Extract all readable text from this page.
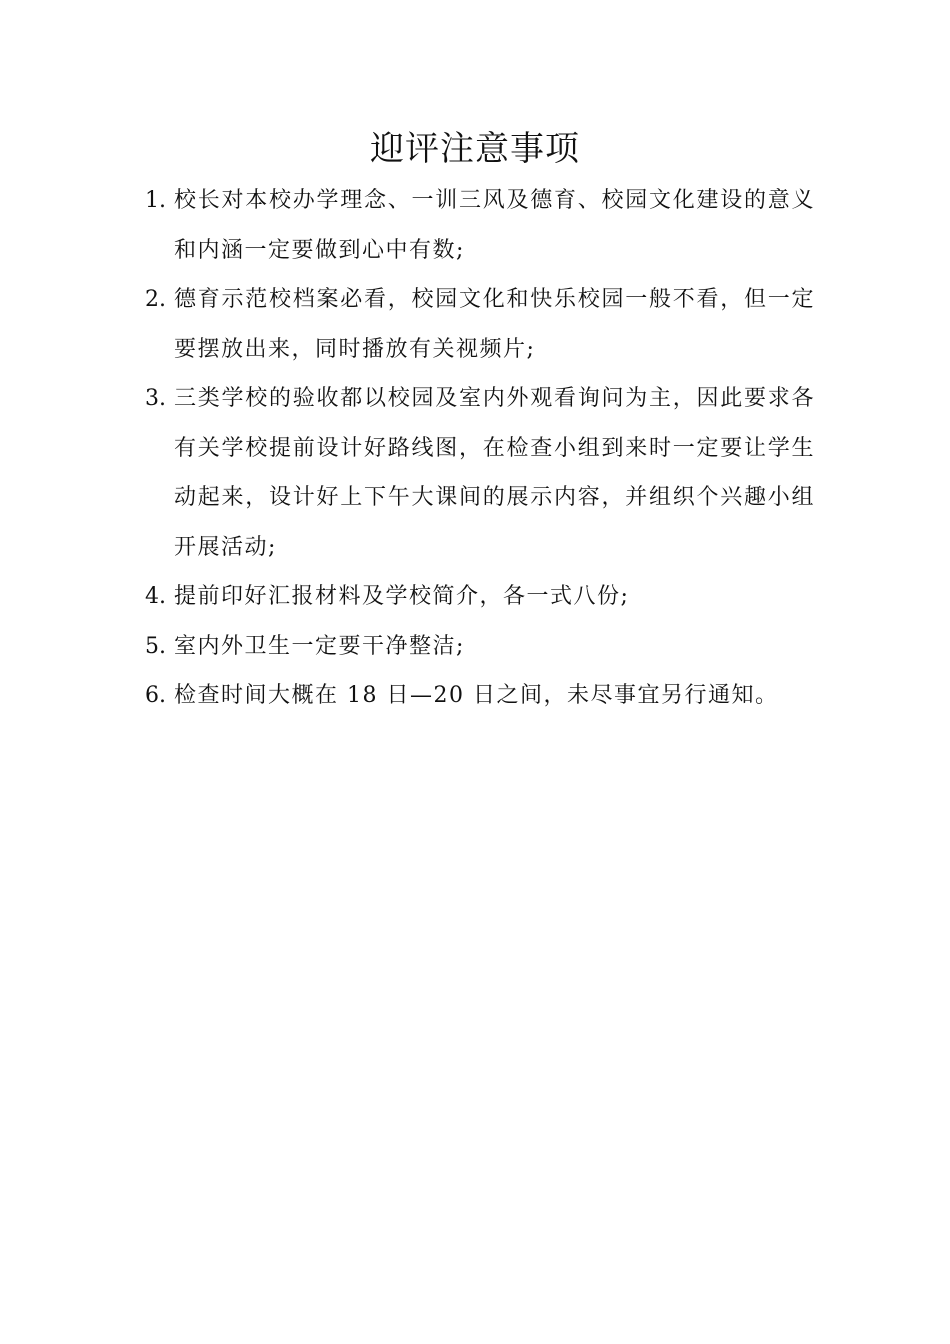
迎评注意事项
1. 校长对本校办学理念、一训三风及德育、校园文化建设的意义和内涵一定要做到心中有数;
2. 德育示范校档案必看，校园文化和快乐校园一般不看，但一定要摆放出来，同时播放有关视频片;
3. 三类学校的验收都以校园及室内外观看询问为主，因此要求各有关学校提前设计好路线图，在检查小组到来时一定要让学生动起来，设计好上下午大课间的展示内容，并组织个兴趣小组开展活动;
4. 提前印好汇报材料及学校简介，各一式八份;
5. 室内外卫生一定要干净整洁;
6. 检查时间大概在 18 日—20 日之间，未尽事宜另行通知。
